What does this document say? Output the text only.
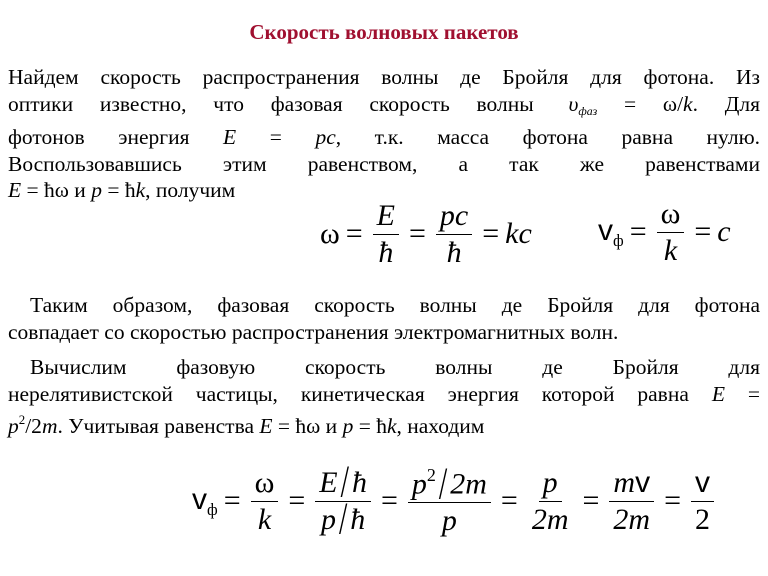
Скорость волновых пакетов
Найдем скорость распространения волны де Бройля для фотона. Из
оптики известно, что фазовая скорость волны $\upsilon_{фаз} = \omega/k$. Для
фотонов энергия E = pc, т.к. масса фотона равна нулю.
Воспользовавшись этим равенством, а так же равенствами
E = ħω и p = ħk, получим
$\omega = \frac{E}{ħ} = \frac{pc}{ħ}$ = kc $v_ф = \frac{\omega}{k} = c$
Таким образом, фазовая скорость волны де Бройля для фотона
совпадает со скоростью распространения электромагнитных волн.
Вычислим фазовую скорость волны де Бройля для
нерелятивистской частицы, кинетическая энергия которой равна E =
$p^2/2m$. Учитывая равенства E = ħω и p = ħk, находим
$v_ф = \frac{\omega}{k} = \frac{E / ħ}{p / ħ} = \frac{p^2 / 2m}{p} = \frac{p}{2m} = \frac{mv}{2m} = \frac{v}{2}$
